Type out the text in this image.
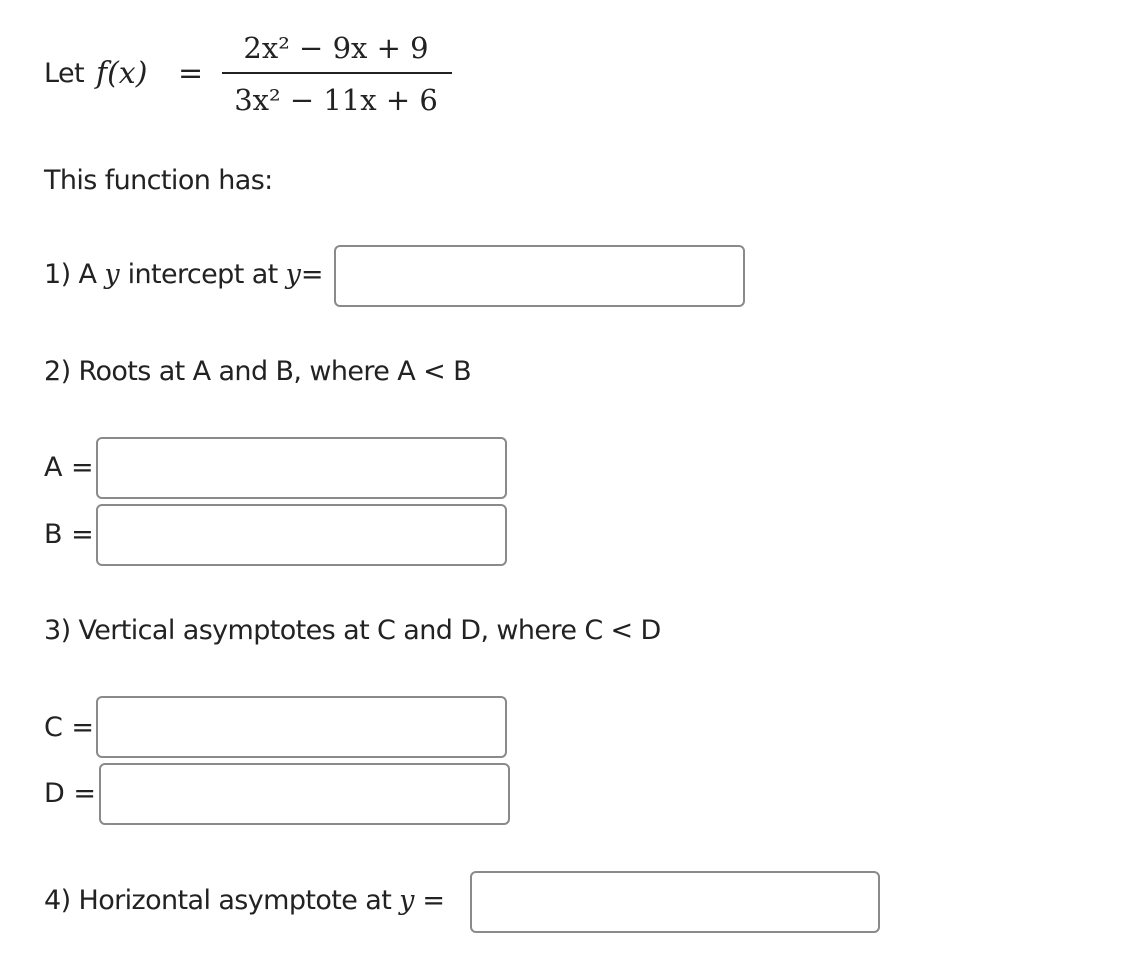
Let f(x) =
2x² − 9x + 9
3x² − 11x + 6
This function has:
1) A y intercept at y=
2) Roots at A and B, where A < B
A =
B =
3) Vertical asymptotes at C and D, where C < D
C =
D =
4) Horizontal asymptote at y =
